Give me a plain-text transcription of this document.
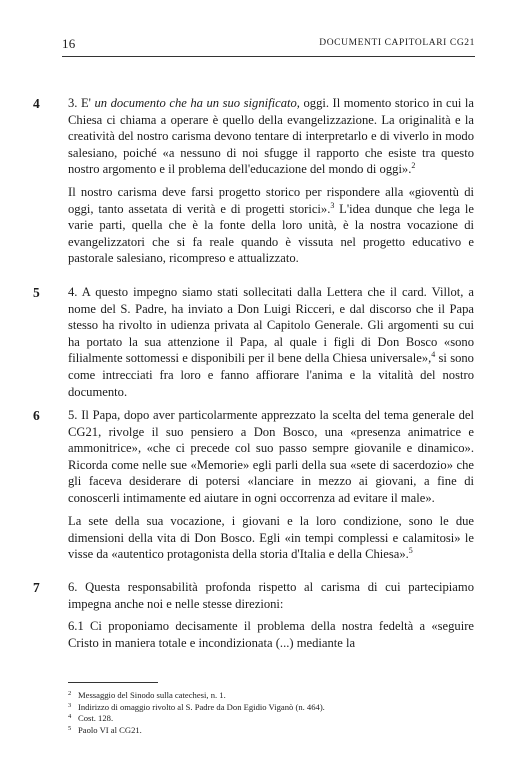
16	DOCUMENTI CAPITOLARI CG21
4 3. E' un documento che ha un suo significato, oggi. Il momento storico in cui la Chiesa ci chiama a operare è quello della evangelizzazione. La originalità e la creatività del nostro carisma devono tentare di interpretarlo e di viverlo in modo salesiano, poiché «a nessuno di noi sfugge il rapporto che esiste tra questo nostro argomento e il problema dell'educazione del mondo di oggi».$^2$

Il nostro carisma deve farsi progetto storico per rispondere alla «gioventù di oggi, tanto assetata di verità e di progetti storici».$^3$ L'idea dunque che lega le varie parti, quella che è la fonte della loro unità, è la nostra vocazione di evangelizzatori che si fa reale quando è vissuta nel progetto educativo e pastorale salesiano, ricompreso e attualizzato.

5 4. A questo impegno siamo stati sollecitati dalla Lettera che il card. Villot, a nome del S. Padre, ha inviato a Don Luigi Ricceri, e dal discorso che il Papa stesso ha rivolto in udienza privata al Capitolo Generale. Gli argomenti su cui ha portato la sua attenzione il Papa, al quale i figli di Don Bosco «sono filialmente sottomessi e disponibili per il bene della Chiesa universale»,$^4$ si sono come intrecciati fra loro e fanno affiorare l'anima e la vitalità del nostro documento.

6 5. Il Papa, dopo aver particolarmente apprezzato la scelta del tema generale del CG21, rivolge il suo pensiero a Don Bosco, una «presenza animatrice e ammonitrice», «che ci precede col suo passo sempre giovanile e dinamico». Ricorda come nelle sue «Memorie» egli parli della sua «sete di sacerdozio» che gli faceva desiderare di potersi «lanciare in mezzo ai giovani, a fine di conoscerli intimamente ed aiutare in ogni occorrenza ad evitare il male».

La sete della sua vocazione, i giovani e la loro condizione, sono le due dimensioni della vita di Don Bosco. Egli «in tempi complessi e calamitosi» le visse da «autentico protagonista della storia d'Italia e della Chiesa».$^5$

7 6. Questa responsabilità profonda rispetto al carisma di cui partecipiamo impegna anche noi e nelle stesse direzioni:

6.1 Ci proponiamo decisamente il problema della nostra fedeltà a «seguire Cristo in maniera totale e incondizionata (...) mediante la

2 Messaggio del Sinodo sulla catechesi, n. 1.
3 Indirizzo di omaggio rivolto al S. Padre da Don Egidio Viganò (n. 464).
4 Cost. 128.
5 Paolo VI al CG21.
